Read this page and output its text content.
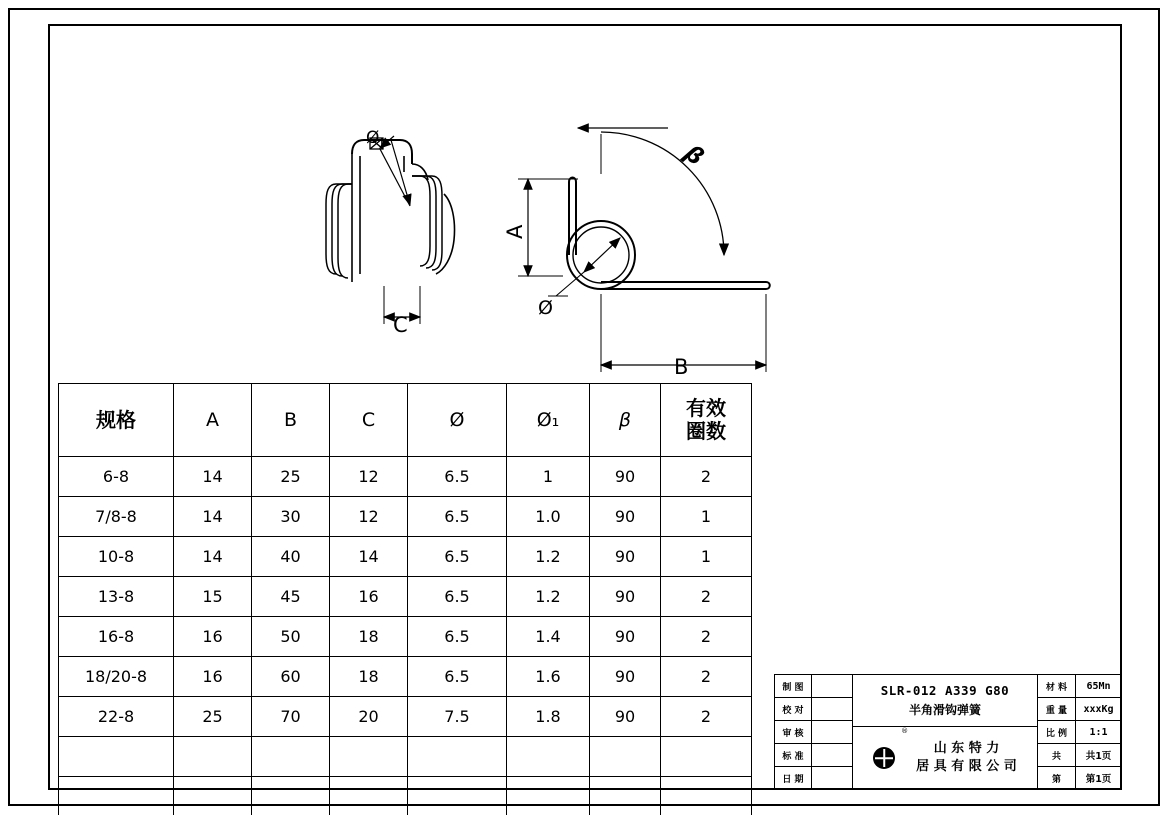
Ø
1
C
A
Ø
B
β
规格	A	B	C	Ø	Ø₁	β	有效
圈数

6-8	14	25	12	6.5	1	90	2
7/8-8	14	30	12	6.5	1.0	90	1
10-8	14	40	14	6.5	1.2	90	1
13-8	15	45	16	6.5	1.2	90	2
16-8	16	50	18	6.5	1.4	90	2
18/20-8	16	60	18	6.5	1.6	90	2
22-8	25	70	20	7.5	1.8	90	2

制 图
校 对
审 核
标 准
日 期
SLR-012 A339 G80
半角滑钩弹簧
®
山 东 特 力
居 具 有 限 公 司
材 料	65Mn
重 量	xxxKg
比 例	1:1
共	共1页
第	第1页
